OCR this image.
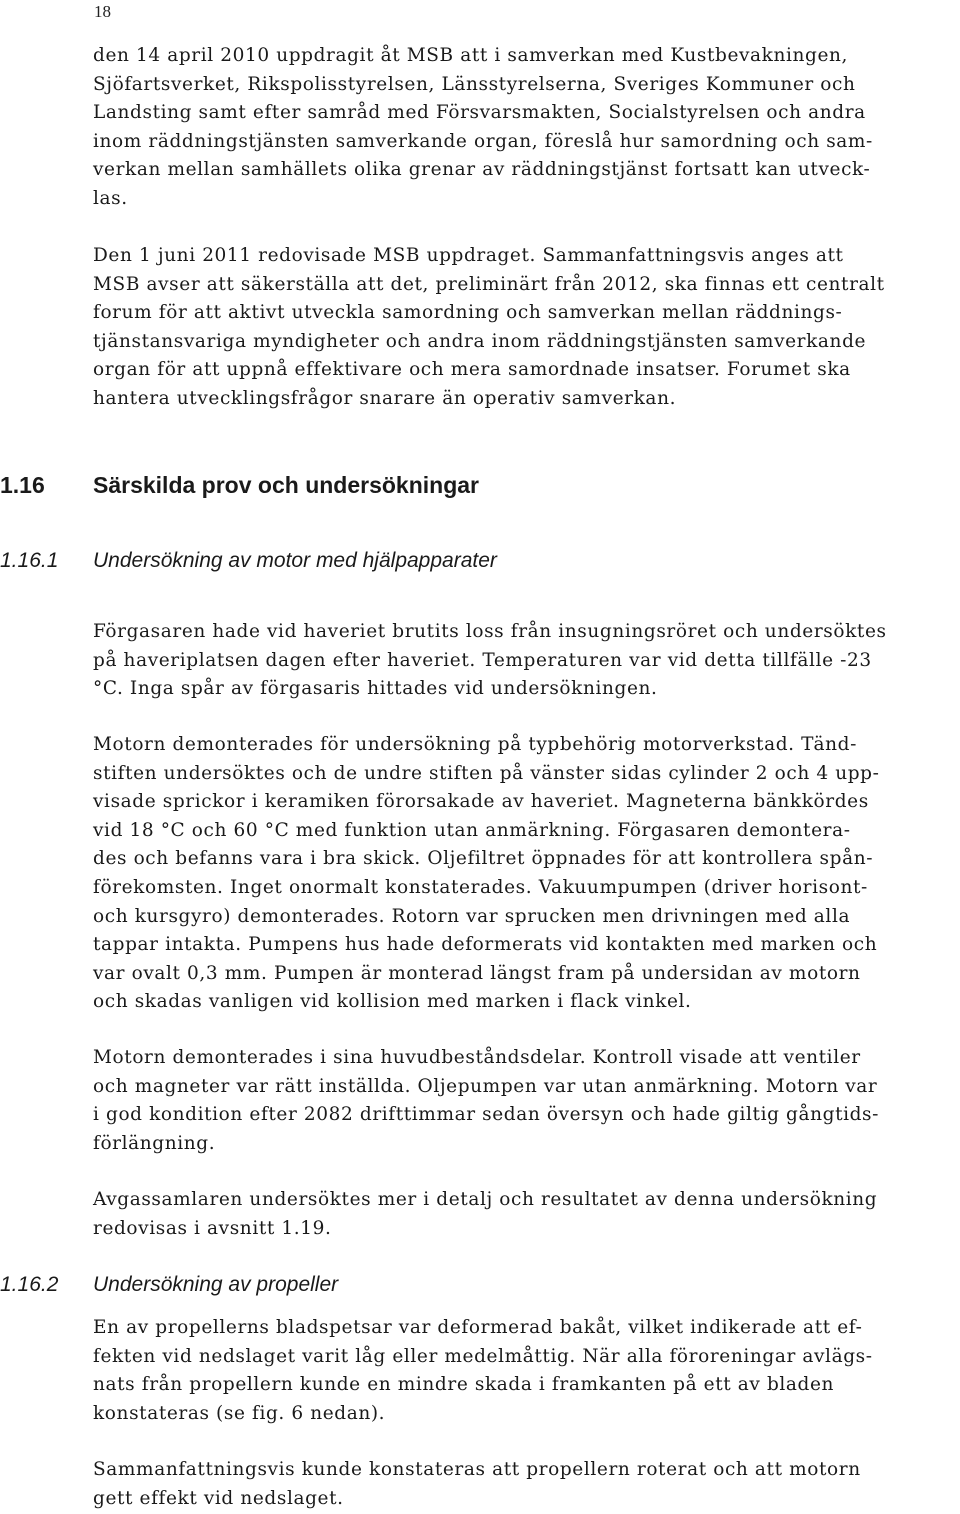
18
den 14 april 2010 uppdragit åt MSB att i samverkan med Kustbevakningen,
Sjöfartsverket, Rikspolisstyrelsen, Länsstyrelserna, Sveriges Kommuner och
Landsting samt efter samråd med Försvarsmakten, Socialstyrelsen och andra
inom räddningstjänsten samverkande organ, föreslå hur samordning och sam-
verkan mellan samhällets olika grenar av räddningstjänst fortsatt kan utveck-
las.
Den 1 juni 2011 redovisade MSB uppdraget. Sammanfattningsvis anges att
MSB avser att säkerställa att det, preliminärt från 2012, ska finnas ett centralt
forum för att aktivt utveckla samordning och samverkan mellan räddnings-
tjänstansvariga myndigheter och andra inom räddningstjänsten samverkande
organ för att uppnå effektivare och mera samordnade insatser. Forumet ska
hantera utvecklingsfrågor snarare än operativ samverkan.
1.16 Särskilda prov och undersökningar
1.16.1 Undersökning av motor med hjälpapparater
Förgasaren hade vid haveriet brutits loss från insugningsröret och undersöktes
på haveriplatsen dagen efter haveriet. Temperaturen var vid detta tillfälle -23
°C. Inga spår av förgasaris hittades vid undersökningen.
Motorn demonterades för undersökning på typbehörig motorverkstad. Tänd-
stiften undersöktes och de undre stiften på vänster sidas cylinder 2 och 4 upp-
visade sprickor i keramiken förorsakade av haveriet. Magneterna bänkkördes
vid 18 °C och 60 °C med funktion utan anmärkning. Förgasaren demontera-
des och befanns vara i bra skick. Oljefiltret öppnades för att kontrollera spån-
förekomsten. Inget onormalt konstaterades. Vakuumpumpen (driver horisont-
och kursgyro) demonterades. Rotorn var sprucken men drivningen med alla
tappar intakta. Pumpens hus hade deformerats vid kontakten med marken och
var ovalt 0,3 mm. Pumpen är monterad längst fram på undersidan av motorn
och skadas vanligen vid kollision med marken i flack vinkel.
Motorn demonterades i sina huvudbeståndsdelar. Kontroll visade att ventiler
och magneter var rätt inställda. Oljepumpen var utan anmärkning. Motorn var
i god kondition efter 2082 drifttimmar sedan översyn och hade giltig gångtids-
förlängning.
Avgassamlaren undersöktes mer i detalj och resultatet av denna undersökning
redovisas i avsnitt 1.19.
1.16.2 Undersökning av propeller
En av propellerns bladspetsar var deformerad bakåt, vilket indikerade att ef-
fekten vid nedslaget varit låg eller medelmåttig. När alla föroreningar avlägs-
nats från propellern kunde en mindre skada i framkanten på ett av bladen
konstateras (se fig. 6 nedan).
Sammanfattningsvis kunde konstateras att propellern roterat och att motorn
gett effekt vid nedslaget.
